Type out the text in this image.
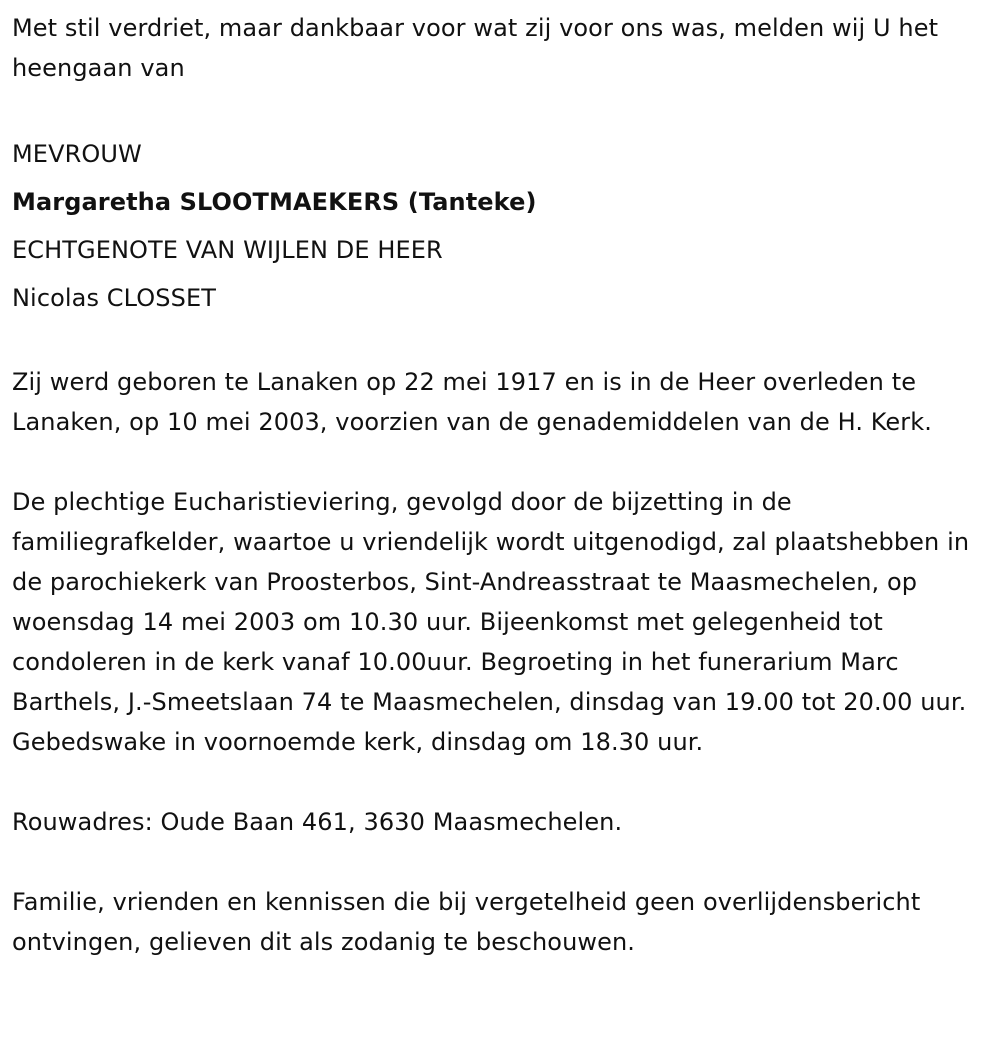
Met stil verdriet, maar dankbaar voor wat zij voor ons was, melden wij U het heengaan van

MEVROUW

Margaretha SLOOTMAEKERS (Tanteke)

ECHTGENOTE VAN WIJLEN DE HEER

Nicolas CLOSSET

Zij werd geboren te Lanaken op 22 mei 1917 en is in de Heer overleden te Lanaken, op 10 mei 2003, voorzien van de genademiddelen van de H. Kerk.

De plechtige Eucharistieviering, gevolgd door de bijzetting in de familiegrafkelder, waartoe u vriendelijk wordt uitgenodigd, zal plaatshebben in de parochiekerk van Proosterbos, Sint-Andreasstraat te Maasmechelen, op woensdag 14 mei 2003 om 10.30 uur. Bijeenkomst met gelegenheid tot condoleren in de kerk vanaf 10.00uur. Begroeting in het funerarium Marc Barthels, J.-Smeetslaan 74 te Maasmechelen, dinsdag van 19.00 tot 20.00 uur. Gebedswake in voornoemde kerk, dinsdag om 18.30 uur.

Rouwadres: Oude Baan 461, 3630 Maasmechelen.

Familie, vrienden en kennissen die bij vergetelheid geen overlijdensbericht ontvingen, gelieven dit als zodanig te beschouwen.
